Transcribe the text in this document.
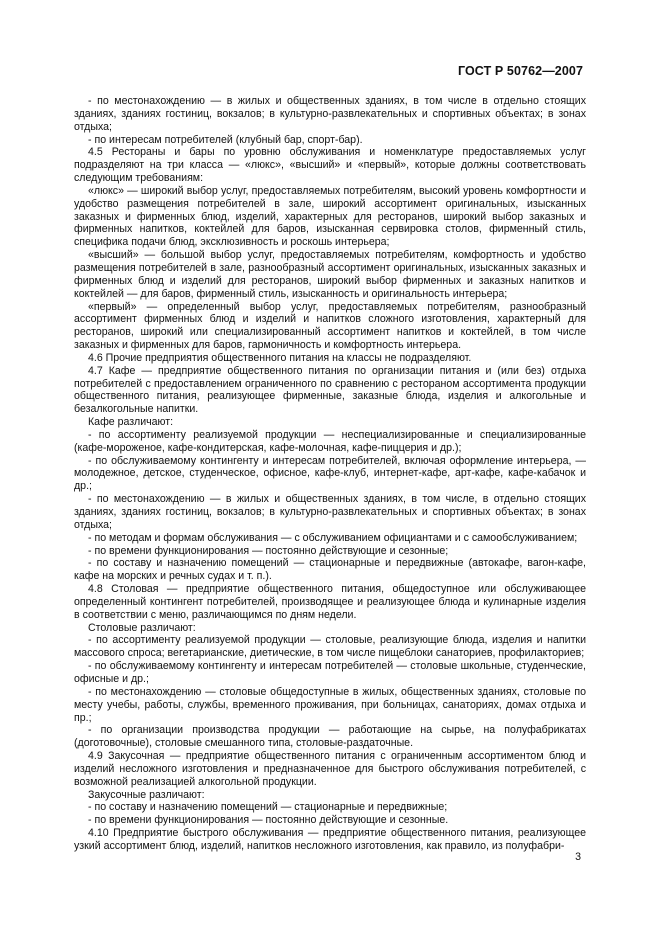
ГОСТ Р 50762—2007

- по местонахождению — в жилых и общественных зданиях, в том числе в отдельно стоящих зданиях, зданиях гостиниц, вокзалов; в культурно-развлекательных и спортивных объектах; в зонах отдыха;

- по интересам потребителей (клубный бар, спорт-бар).

4.5 Рестораны и бары по уровню обслуживания и номенклатуре предоставляемых услуг подразделяют на три класса — «люкс», «высший» и «первый», которые должны соответствовать следующим требованиям:

«люкс» — широкий выбор услуг, предоставляемых потребителям, высокий уровень комфортности и удобство размещения потребителей в зале, широкий ассортимент оригинальных, изысканных заказных и фирменных блюд, изделий, характерных для ресторанов, широкий выбор заказных и фирменных напитков, коктейлей для баров, изысканная сервировка столов, фирменный стиль, специфика подачи блюд, эксклюзивность и роскошь интерьера;

«высший» — большой выбор услуг, предоставляемых потребителям, комфортность и удобство размещения потребителей в зале, разнообразный ассортимент оригинальных, изысканных заказных и фирменных блюд и изделий для ресторанов, широкий выбор фирменных и заказных напитков и коктейлей — для баров, фирменный стиль, изысканность и оригинальность интерьера;

«первый» — определенный выбор услуг, предоставляемых потребителям, разнообразный ассортимент фирменных блюд и изделий и напитков сложного изготовления, характерный для ресторанов, широкий или специализированный ассортимент напитков и коктейлей, в том числе заказных и фирменных для баров, гармоничность и комфортность интерьера.

4.6 Прочие предприятия общественного питания на классы не подразделяют.

4.7 Кафе — предприятие общественного питания по организации питания и (или без) отдыха потребителей с предоставлением ограниченного по сравнению с рестораном ассортимента продукции общественного питания, реализующее фирменные, заказные блюда, изделия и алкогольные и безалкогольные напитки.

Кафе различают:

- по ассортименту реализуемой продукции — неспециализированные и специализированные (кафе-мороженое, кафе-кондитерская, кафе-молочная, кафе-пиццерия и др.);

- по обслуживаемому контингенту и интересам потребителей, включая оформление интерьера, — молодежное, детское, студенческое, офисное, кафе-клуб, интернет-кафе, арт-кафе, кафе-кабачок и др.;

- по местонахождению — в жилых и общественных зданиях, в том числе, в отдельно стоящих зданиях, зданиях гостиниц, вокзалов; в культурно-развлекательных и спортивных объектах; в зонах отдыха;

- по методам и формам обслуживания — с обслуживанием официантами и с самообслуживанием;

- по времени функционирования — постоянно действующие и сезонные;

- по составу и назначению помещений — стационарные и передвижные (автокафе, вагон-кафе, кафе на морских и речных судах и т. п.).

4.8 Столовая — предприятие общественного питания, общедоступное или обслуживающее определенный контингент потребителей, производящее и реализующее блюда и кулинарные изделия в соответствии с меню, различающимся по дням недели.

Столовые различают:

- по ассортименту реализуемой продукции — столовые, реализующие блюда, изделия и напитки массового спроса; вегетарианские, диетические, в том числе пищеблоки санаториев, профилакториев;

- по обслуживаемому контингенту и интересам потребителей — столовые школьные, студенческие, офисные и др.;

- по местонахождению — столовые общедоступные в жилых, общественных зданиях, столовые по месту учебы, работы, службы, временного проживания, при больницах, санаториях, домах отдыха и пр.;

- по организации производства продукции — работающие на сырье, на полуфабрикатах (доготовочные), столовые смешанного типа, столовые-раздаточные.

4.9 Закусочная — предприятие общественного питания с ограниченным ассортиментом блюд и изделий несложного изготовления и предназначенное для быстрого обслуживания потребителей, с возможной реализацией алкогольной продукции.

Закусочные различают:

- по составу и назначению помещений — стационарные и передвижные;

- по времени функционирования — постоянно действующие и сезонные.

4.10 Предприятие быстрого обслуживания — предприятие общественного питания, реализующее узкий ассортимент блюд, изделий, напитков несложного изготовления, как правило, из полуфабри-

3
